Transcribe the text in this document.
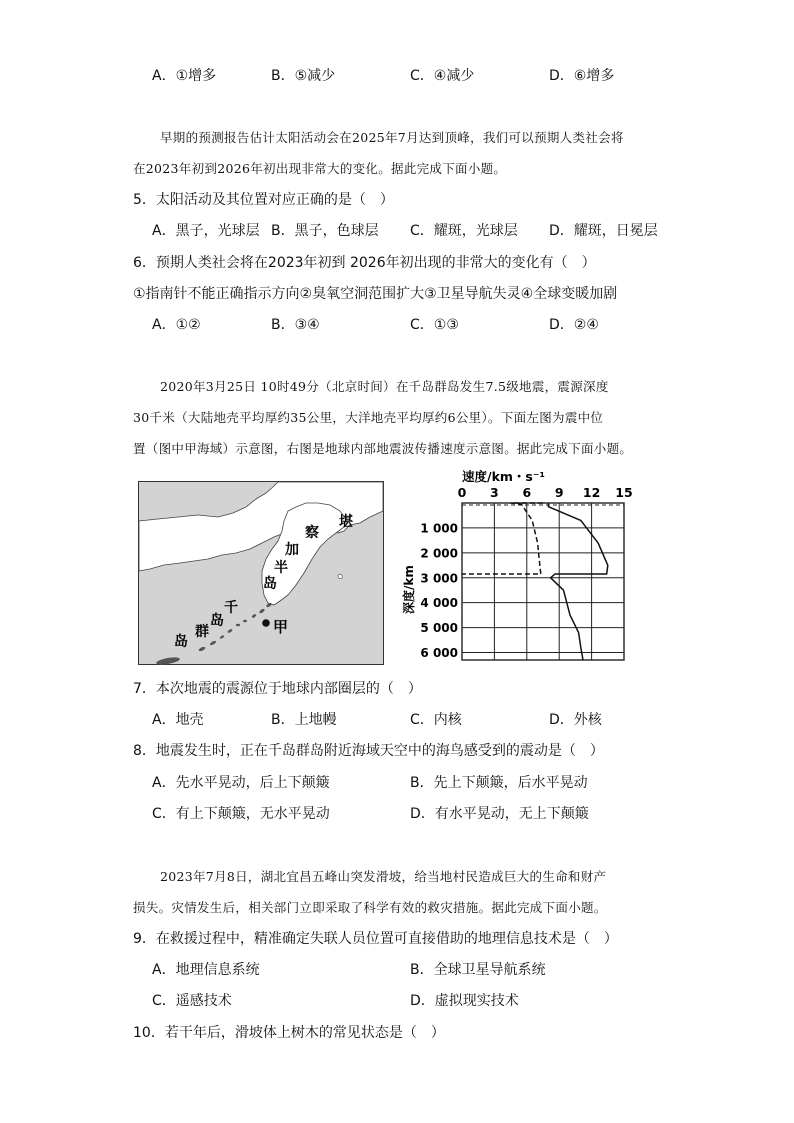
A．①增多	B．⑤减少	C．④减少	D．⑥增多
早期的预测报告估计太阳活动会在2025年7月达到顶峰，我们可以预期人类社会将
在2023年初到2026年初出现非常大的变化。据此完成下面小题。
5．太阳活动及其位置对应正确的是（　）
A．黑子，光球层 B．黑子，色球层 C．耀斑，光球层 D．耀斑，日冕层
6．预期人类社会将在2023年初到 2026年初出现的非常大的变化有（　）
①指南针不能正确指示方向②臭氧空洞范围扩大③卫星导航失灵④全球变暖加剧
A．①②	B．③④	C．①③	D．②④
2020年3月25日 10时49分（北京时间）在千岛群岛发生7.5级地震，震源深度
30千米（大陆地壳平均厚约35公里，大洋地壳平均厚约6公里）。下面左图为震中位
置（图中甲海域）示意图，右图是地球内部地震波传播速度示意图。据此完成下面小题。
堪
察
加
半
岛
千
岛
群
岛
甲
速度/km・s⁻¹
深度/km
0 3 6 9 12 15
1 000
2 000
3 000
4 000
5 000
6 000
7．本次地震的震源位于地球内部圈层的（　）
A．地壳	B．上地幔	C．内核	D．外核
8．地震发生时，正在千岛群岛附近海域天空中的海鸟感受到的震动是（　）
A．先水平晃动，后上下颠簸	B．先上下颠簸，后水平晃动
C．有上下颠簸，无水平晃动	D．有水平晃动，无上下颠簸
2023年7月8日，湖北宜昌五峰山突发滑坡，给当地村民造成巨大的生命和财产
损失。灾情发生后，相关部门立即采取了科学有效的救灾措施。据此完成下面小题。
9．在救援过程中，精准确定失联人员位置可直接借助的地理信息技术是（　）
A．地理信息系统	B．全球卫星导航系统
C．遥感技术	D．虚拟现实技术
10．若干年后，滑坡体上树木的常见状态是（　）
